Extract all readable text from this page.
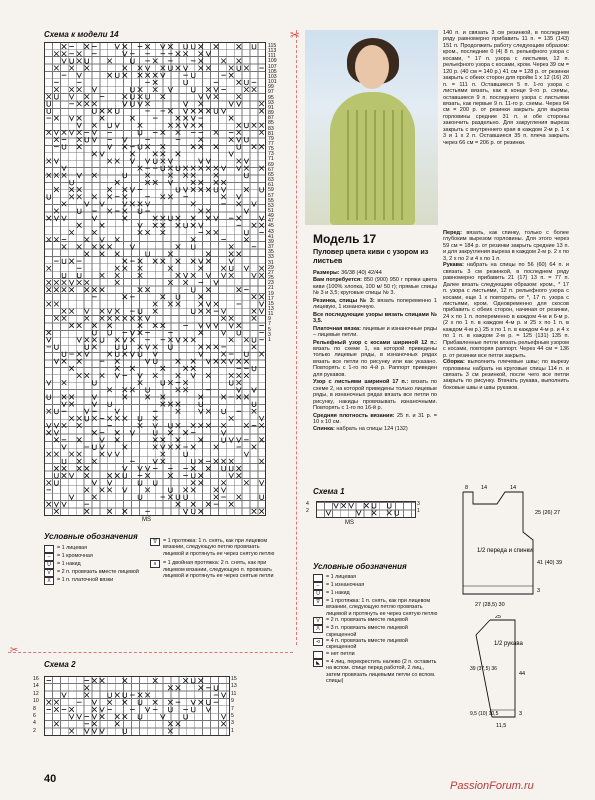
Схема к модели 14
115
113
111
109
107
105
103
101
99
97
95
93
91
89
87
85
83
81
79
77
75
73
71
69
67
65
63
61
59
57
55
53
51
49
47
45
43
41
39
37
35
33
31
29
27
25
23
21
19
17
15
13
11
9
7
5
3
1
MS
Условные обозначения
= 1 лицевая
–	= 1 кромочная
U	= 1 накид
V	= 2 п. провязать вместе лицевой
X	= 1 п. платочной вязки
∇	= 1 протяжка: 1 п. снять, как при лицевом вязании, следующую петлю провязать лицевой и протянуть ее через снятую петлю
∧	= 1 двойная протяжка: 2 п. снять, как при лицевом вязании, следующую п. провязать лицевой и протянуть ее через снятые петли
✂
✂
Схема 2
16
14
12
10
8
6
4
2
15
13
11
9
7
5
3
1
40
Модель 17
Пуловер цвета киви с узором из листьев
Размеры: 36/38 (40) 42/44
Вам потребуется: 850 (900) 950 г пряжи цвета киви (100% хлопка, 100 м/ 50 г); прямые спицы № 3 и 3,5; круговые спицы № 3.
Резинка, спицы № 3: вязать попеременно 1 лицевую, 1 изнаночную.
Все последующие узоры вязать спицами № 3,5.
Платочная вязка: лицевые и изнаночные ряды – лицевые петли.
Рельефный узор с косами шириной 12 п.: вязать по схеме 1, на которой приведены только лицевые ряды, в изнаночных рядах вязать все петли по рисунку или как указано. Повторять с 1-го по 4-й р. Раппорт приведен для рукавов.
Узор с листьями шириной 17 п.: вязать по схеме 2, на которой приведены только лицевые ряды, в изнаночных рядах вязать все петли по рисунку, накиды провязывать изнаночными. Повторять с 1-го по 16-й р.
Средняя плотность вязания: 25 п. и 31 р. = 10 х 10 см.
Спинка: набрать на спицы 124 (132)
140 п. и связать 3 см резинкой, в последнем ряду равномерно прибавить 11 п. = 135 (143) 151 п. Продолжить работу следующим образом: кром., последние 0 (4) 8 п. рельефного узора с косами, * 17 п. узора с листьями, 12 п. рельефного узора с косами, кром. Через 39 см = 120 р. (40 см = 140 р.) 41 см = 128 р. от резинки закрыть с обеих сторон для пройм 1 х 12 (16) 20 п. = 111 п. Оставшиеся 5 п. 1-го узора с листьями вязать, как в конце 9-го р. схемы, оставшиеся 9 п. последнего узора с листьями вязать, как первые 9 п. 11-го р. схемы. Через 64 см = 200 р. от резинки закрыть для выреза горловины средние 31 п. и обе стороны закончить раздельно. Для закругления выреза закрыть с внутреннего края в каждом 2-м р. 1 х 3 и 1 х 2 п. Оставшиеся 35 п. плеча закрыть через 66 см = 206 р. от резинки.
Перед: вязать, как спинку, только с более глубоким вырезом горловины. Для этого через 59 см = 184 р. от резинки закрыть средние 13 п. и для закругления выреза в каждом 2-м р. 2 х по 3, 2 х по 2 и 4 х по 1 п.
Рукава: набрать на спицы по 56 (60) 64 п. и связать 3 см резинкой, в последнем ряду равномерно прибавить 21 (17) 13 п. = 77 п. Далее вязать следующим образом: кром., * 17 п. узора с листьями, 12 п. рельефного узора с косами, еще 1 х повторить от *, 17 п. узора с листьями, кром. Одновременно для скосов прибавить с обеих сторон, начиная от резинки, 24 х по 1 п. попеременно в каждом 4-м и 6-м р. (2 х по 1 п. в каждом 4-м р. и 25 х по 1 п. в каждом 4-м р.) 25 х по 1 п. в каждом 4-м р. и 4 х по 1 п. в каждом 2-м р. = 125 (131) 135 п. Прибавленные петли вязать рельефным узором с косами, повторяя раппорт. Через 44 см = 136 р. от резинки все петли закрыть.
Сборка: выполнить плечевые швы; по вырезу горловины набрать на круговые спицы 114 п. и связать 3 см резинкой, после чего все петли закрыть по рисунку. Втачать рукава, выполнить боковые швы и швы рукавов.
Схема 1
4
2
3
1
MS
Условные обозначения
= 1 лицевая
–	= 1 изнаночная
U	= 1 накид
∇	= 1 протяжка: 1 п. снять, как при лицевом вязании, следующую петлю провязать лицевой и протянуть ее через снятую петлю
V	= 2 п. провязать вместе лицевой
Λ	= 3 п. провязать вместе лицевой скрещенной
⊲	= 4 п. провязать вместе лицевой скрещенной
= нет петли
◣	= 4 лиц. перекрестить налево (2 п. оставить на вспом. спице перед работой, 2 лиц., затем провязать лицевыми петли со вспом. спицы)
1/2 переда и спинки
8 14	14
25 (26) 27
41 (40) 39
3
27 (28,5) 30
1/2 рукава
25
44
39 (37,5) 36
3
9,5 (10) 10,5
11,5
PassionForum.ru
